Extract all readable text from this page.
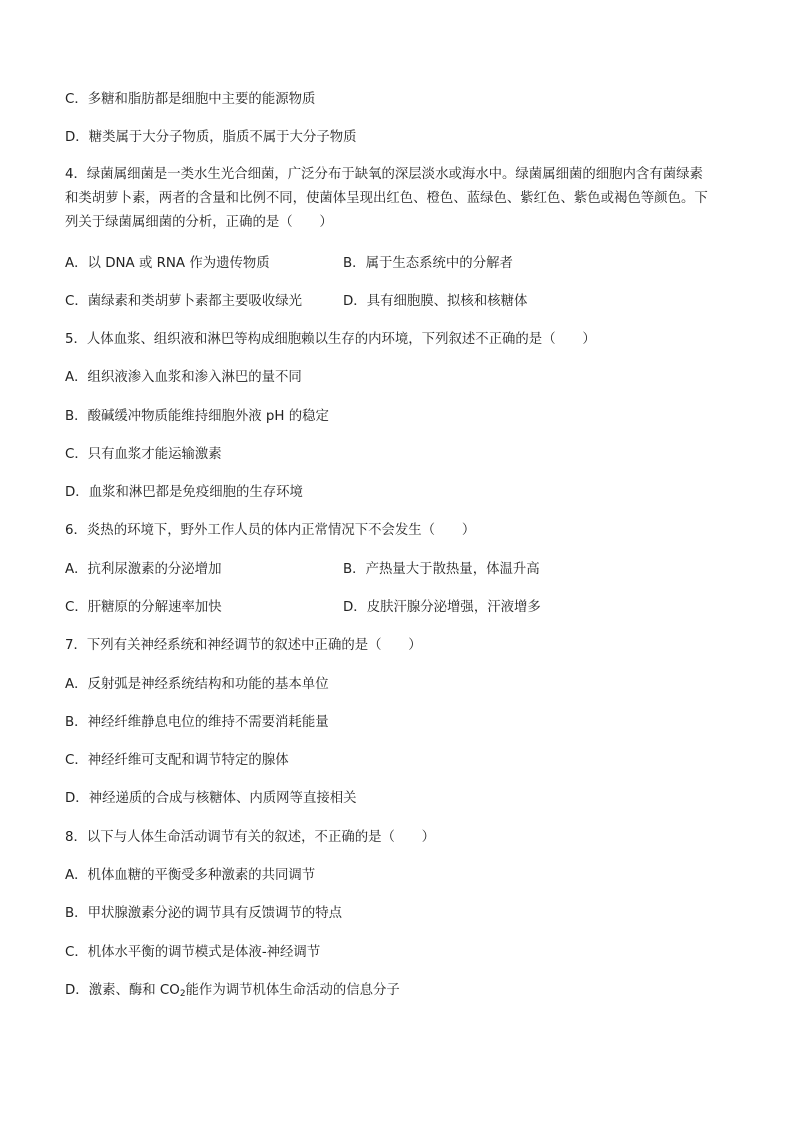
C．多糖和脂肪都是细胞中主要的能源物质
D．糖类属于大分子物质，脂质不属于大分子物质
4．绿菌属细菌是一类水生光合细菌，广泛分布于缺氧的深层淡水或海水中。绿菌属细菌的细胞内含有菌绿素
和类胡萝卜素，两者的含量和比例不同，使菌体呈现出红色、橙色、蓝绿色、紫红色、紫色或褐色等颜色。下
列关于绿菌属细菌的分析，正确的是（　　）
A．以 DNA 或 RNA 作为遗传物质	B．属于生态系统中的分解者
C．菌绿素和类胡萝卜素都主要吸收绿光	D．具有细胞膜、拟核和核糖体
5．人体血浆、组织液和淋巴等构成细胞赖以生存的内环境，下列叙述不正确的是（　　）
A．组织液渗入血浆和渗入淋巴的量不同
B．酸碱缓冲物质能维持细胞外液 pH 的稳定
C．只有血浆才能运输激素
D．血浆和淋巴都是免疫细胞的生存环境
6．炎热的环境下，野外工作人员的体内正常情况下不会发生（　　）
A．抗利尿激素的分泌增加	B．产热量大于散热量，体温升高
C．肝糖原的分解速率加快	D．皮肤汗腺分泌增强，汗液增多
7．下列有关神经系统和神经调节的叙述中正确的是（　　）
A．反射弧是神经系统结构和功能的基本单位
B．神经纤维静息电位的维持不需要消耗能量
C．神经纤维可支配和调节特定的腺体
D．神经递质的合成与核糖体、内质网等直接相关
8．以下与人体生命活动调节有关的叙述，不正确的是（　　）
A．机体血糖的平衡受多种激素的共同调节
B．甲状腺激素分泌的调节具有反馈调节的特点
C．机体水平衡的调节模式是体液-神经调节
D．激素、酶和 $CO_2$能作为调节机体生命活动的信息分子
